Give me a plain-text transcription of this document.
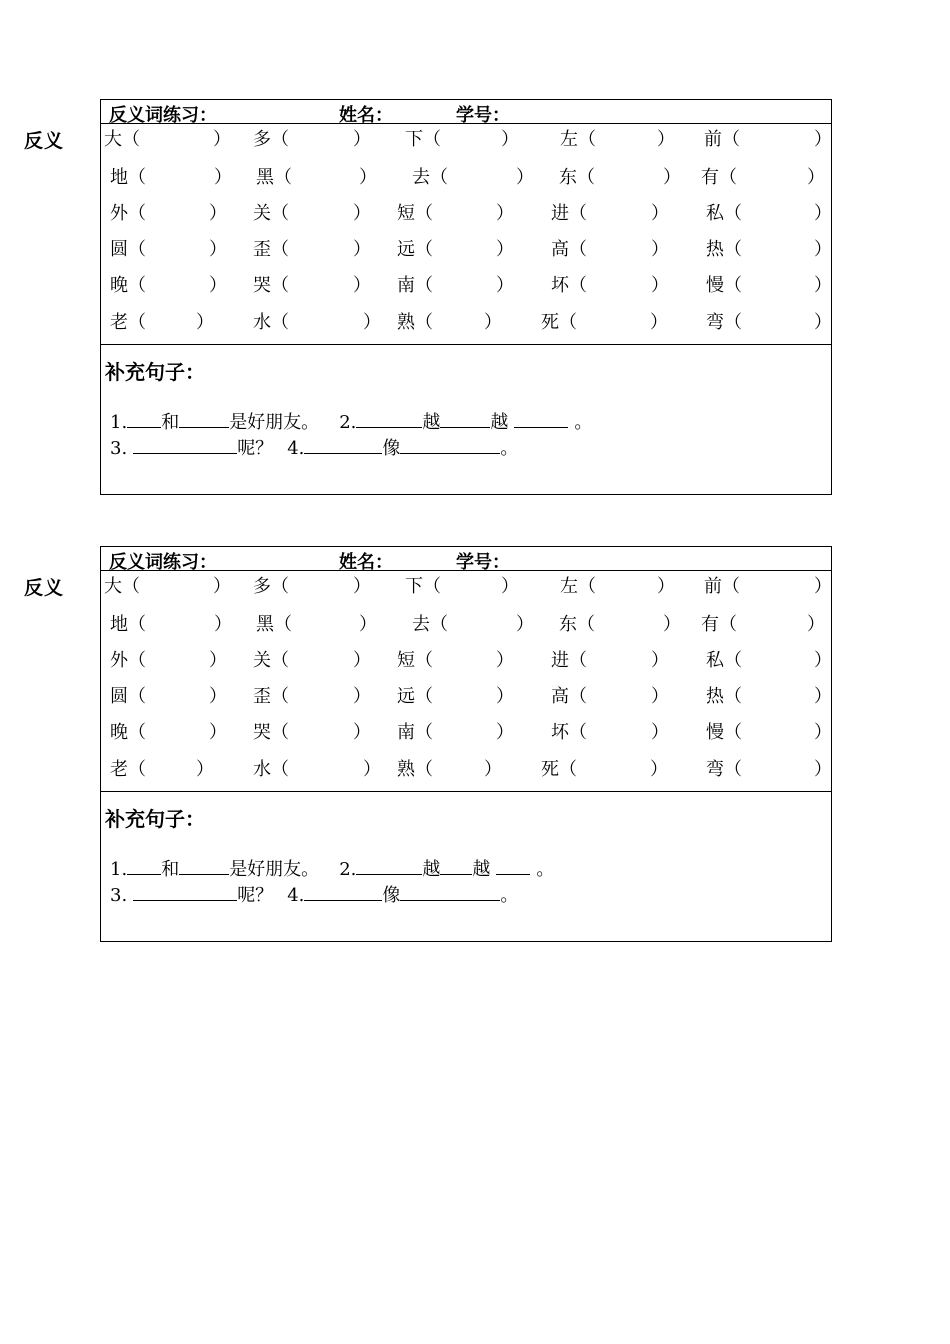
反义
反义词练习：	姓名：	学号：
大（	） 多（	） 下（	） 左（	） 前（	）
地（	） 黑（	） 去（	） 东（	） 有（	）
外（	） 关（	） 短（	） 进（	） 私（	）
圆（	） 歪（	） 远（	） 高（	） 热（	）
晚（	） 哭（	） 南（	） 坏（	） 慢（	）
老（	） 水（	） 熟（	） 死（	） 弯（	）
补充句子：
1. 和	是好朋友。 2.	越	越	。
3.	呢？ 4.	像	。
反义
反义词练习：	姓名：	学号：
大（	） 多（	） 下（	） 左（	） 前（	）
地（	） 黑（	） 去（	） 东（	） 有（	）
外（	） 关（	） 短（	） 进（	） 私（	）
圆（	） 歪（	） 远（	） 高（	） 热（	）
晚（	） 哭（	） 南（	） 坏（	） 慢（	）
老（	） 水（	） 熟（	） 死（	） 弯（	）
补充句子：
1. 和	是好朋友。 2.	越 越	。
3.	呢？ 4.	像	。
